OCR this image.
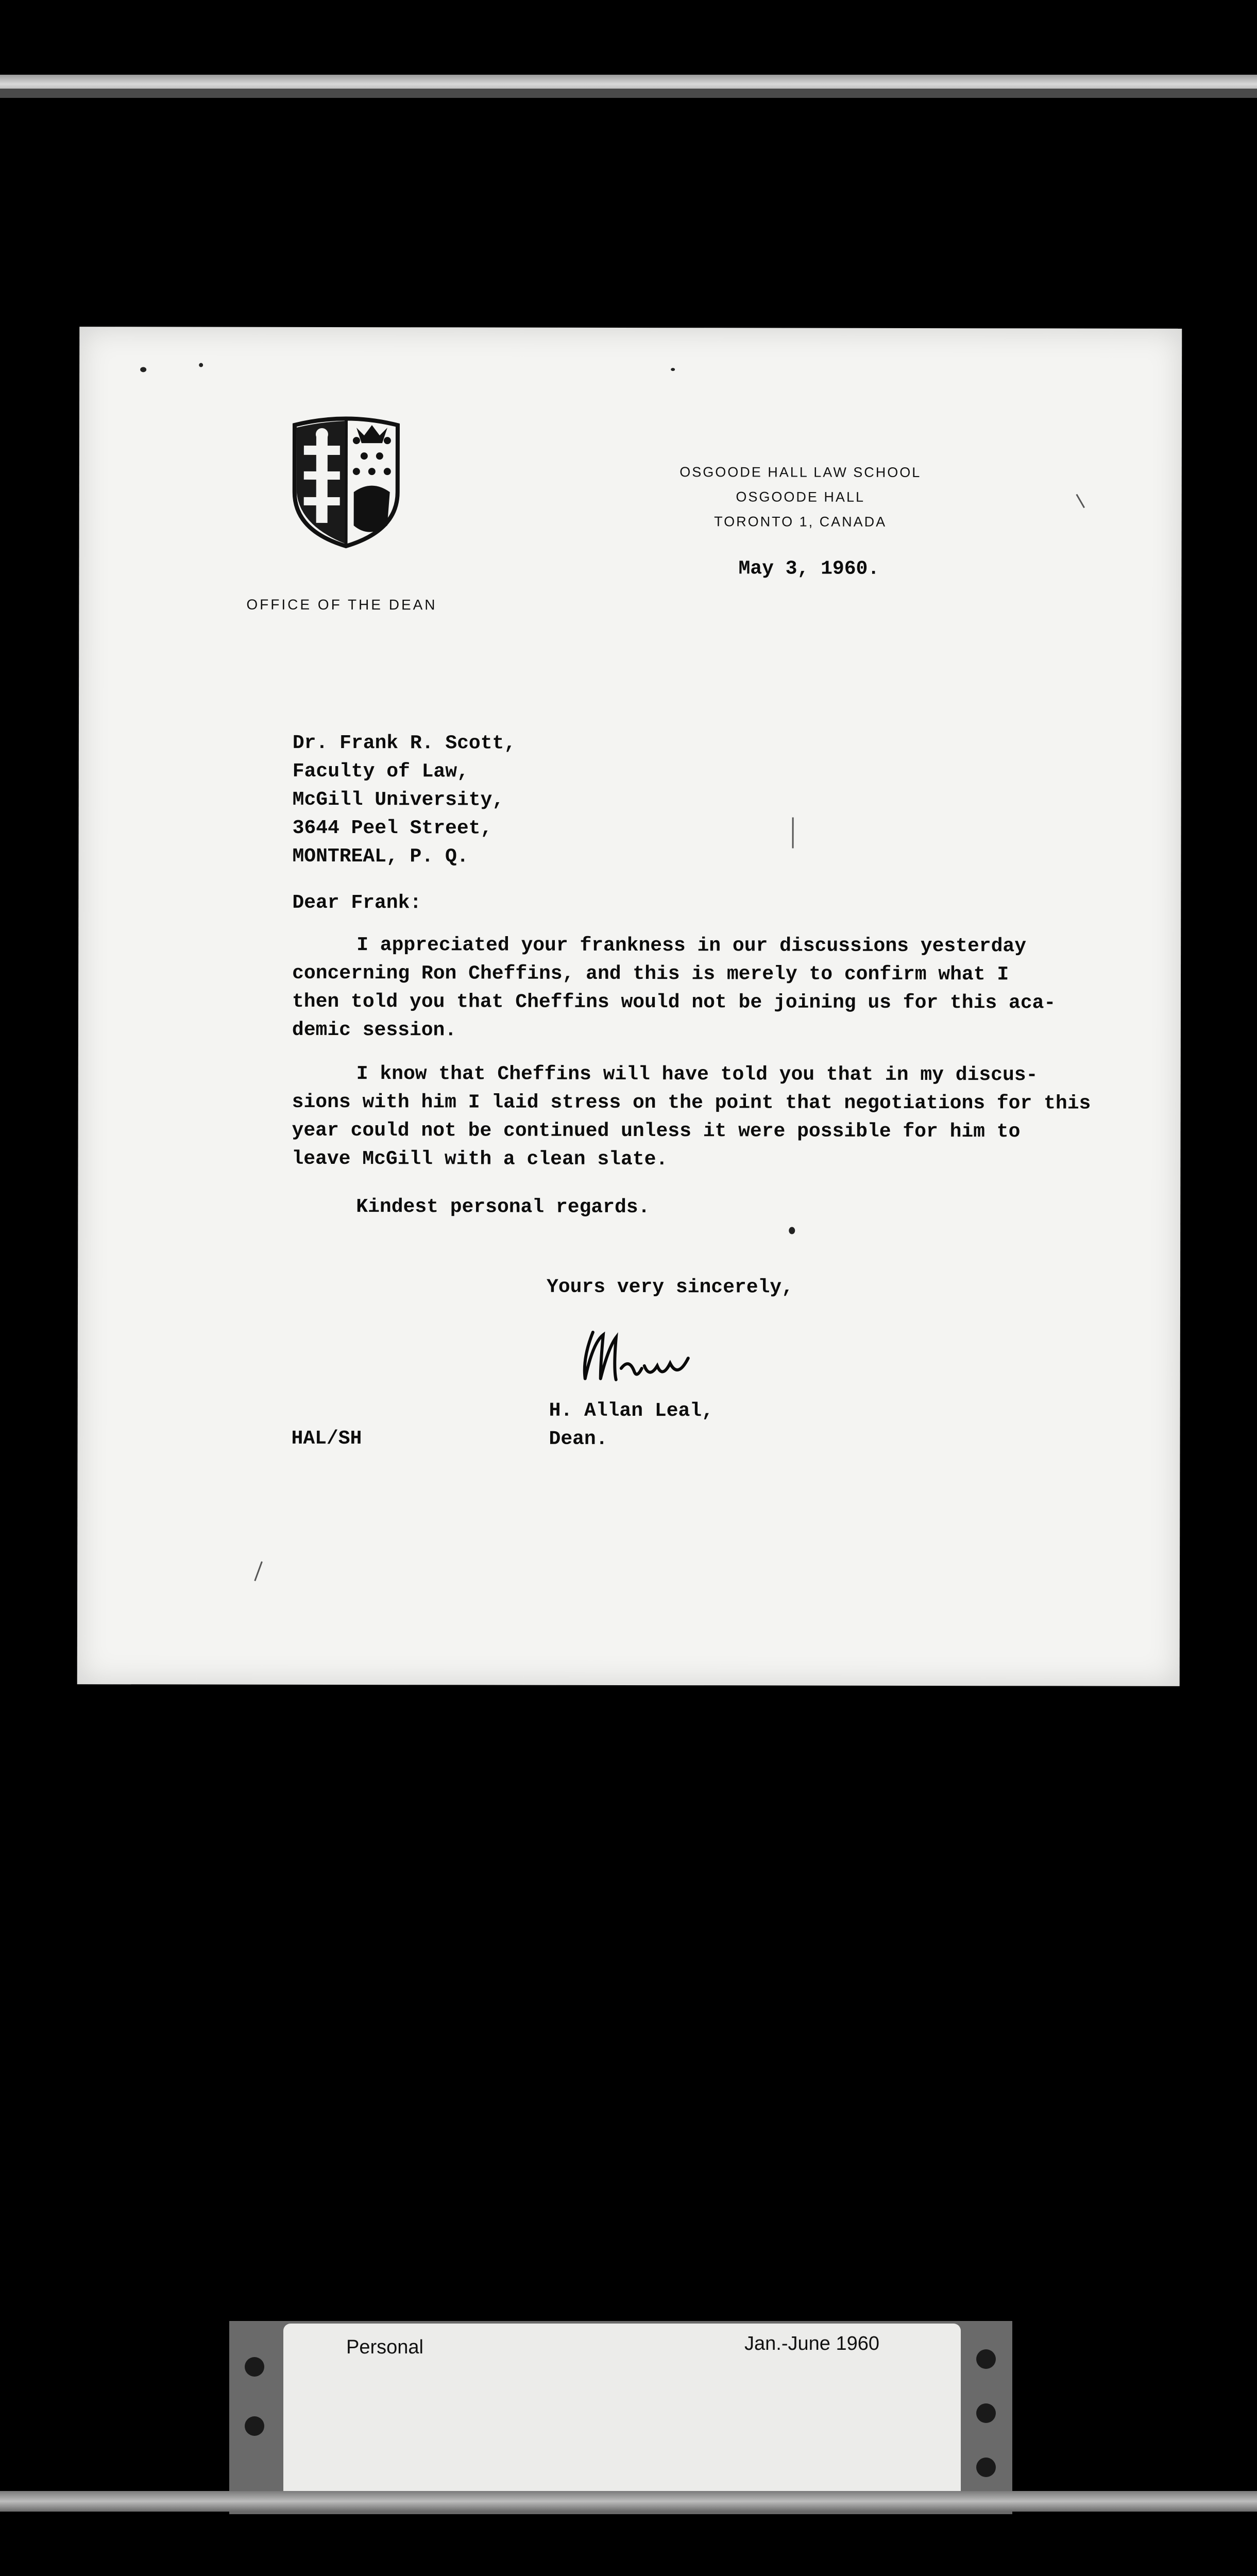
OSGOODE HALL LAW SCHOOL
OSGOODE HALL
TORONTO 1, CANADA
OFFICE OF THE DEAN
May 3, 1960.
Dr. Frank R. Scott,
Faculty of Law,
McGill University,
3644 Peel Street,
MONTREAL, P. Q.
Dear Frank:
I appreciated your frankness in our discussions yesterday
concerning Ron Cheffins, and this is merely to confirm what I
then told you that Cheffins would not be joining us for this aca-
demic session.
I know that Cheffins will have told you that in my discus-
sions with him I laid stress on the point that negotiations for this
year could not be continued unless it were possible for him to
leave McGill with a clean slate.
Kindest personal regards.
Yours very sincerely,
H. Allan Leal,
Dean.
HAL/SH
Personal	Jan.-June 1960
